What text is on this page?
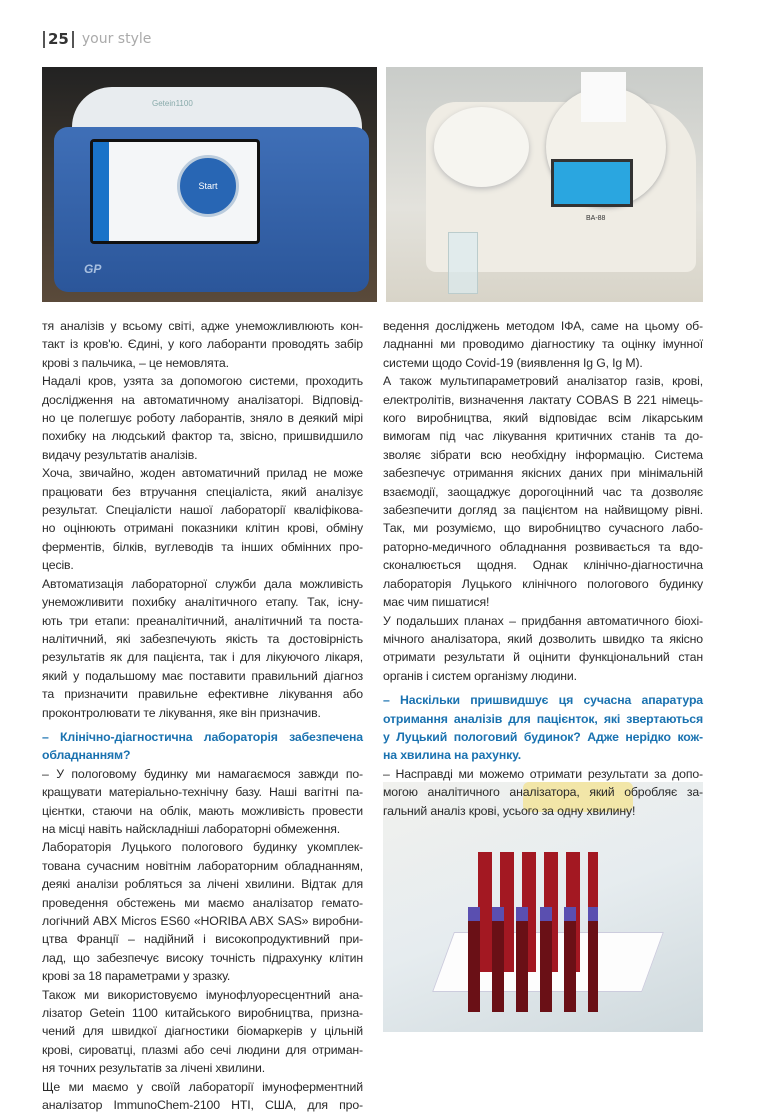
25 your style
Getein1100
Start
GP
BA-88
тя аналізів у всьому світі, адже унеможливлюють кон-
такт із кров'ю. Єдині, у кого лаборанти проводять забір
крові з пальчика, – це немовлята.
Надалі кров, узята за допомогою системи, проходить
дослідження на автоматичному аналізаторі. Відповід-
но це полегшує роботу лаборантів, зняло в деякий мірі
похибку на людський фактор та, звісно, пришвидшило
видачу результатів аналізів.
Хоча, звичайно, жоден автоматичний прилад не може
працювати без втручання спеціаліста, який аналізує
результат. Спеціалісти нашої лабораторії кваліфікова-
но оцінюють отримані показники клітин крові, обміну
ферментів, білків, вуглеводів та інших обмінних про-
цесів.
Автоматизація лабораторної служби дала можливість
унеможливити похибку аналітичного етапу. Так, існу-
ють три етапи: преаналітичний, аналітичний та поста-
налітичний, які забезпечують якість та достовірність
результатів як для пацієнта, так і для лікуючого лікаря,
який у подальшому має поставити правильний діагноз
та призначити правильне ефективне лікування або
проконтролювати те лікування, яке він призначив.
– Клінічно-діагностична лабораторія забезпечена
обладнанням?
– У пологовому будинку ми намагаємося завжди по-
кращувати матеріально-технічну базу. Наші вагітні па-
цієнтки, стаючи на облік, мають можливість провести
на місці навіть найскладніші лабораторні обмеження.
Лабораторія Луцького пологового будинку укомплек-
тована сучасним новітнім лабораторним обладнанням,
деякі аналізи робляться за лічені хвилини. Відтак для
проведення обстежень ми маємо аналізатор гемато-
логічний ABX Micros ES60 «HORIBA ABX SAS» виробни-
цтва Франції – надійний і високопродуктивний при-
лад, що забезпечує високу точність підрахунку клітин
крові за 18 параметрами у зразку.
Також ми використовуємо імунофлуоресцентний ана-
лізатор Getein 1100 китайського виробництва, призна-
чений для швидкої діагностики біомаркерів у цільній
крові, сироватці, плазмі або сечі людини для отриман-
ня точних результатів за лічені хвилини.
Ще ми маємо у своїй лабораторії імуноферментний
аналізатор ImmunoChem-2100 HTI, США, для про-
ведення досліджень методом ІФА, саме на цьому об-
ладнанні ми проводимо діагностику та оцінку імунної
системи щодо Covid-19 (виявлення Ig G, Ig M).
А також мультипараметровий аналізатор газів, крові,
електролітів, визначення лактату COBAS B 221 німець-
кого виробництва, який відповідає всім лікарським
вимогам під час лікування критичних станів та до-
зволяє зібрати всю необхідну інформацію. Система
забезпечує отримання якісних даних при мінімальній
взаємодії, заощаджує дорогоцінний час та дозволяє
забезпечити догляд за пацієнтом на найвищому рівні.
Так, ми розуміємо, що виробництво сучасного лабо-
раторно-медичного обладнання розвивається та вдо-
сконалюється щодня. Однак клінічно-діагностична
лабораторія Луцького клінічного пологового будинку
має чим пишатися!
У подальших планах – придбання автоматичного біохі-
мічного аналізатора, який дозволить швидко та якісно
отримати результати й оцінити функціональний стан
органів і систем організму людини.
– Наскільки пришвидшує ця сучасна апаратура
отримання аналізів для пацієнток, які звертаються
у Луцький пологовий будинок? Адже нерідко кож-
на хвилина на рахунку.
– Насправді ми можемо отримати результати за допо-
могою аналітичного аналізатора, який обробляє за-
гальний аналіз крові, усього за одну хвилину!
